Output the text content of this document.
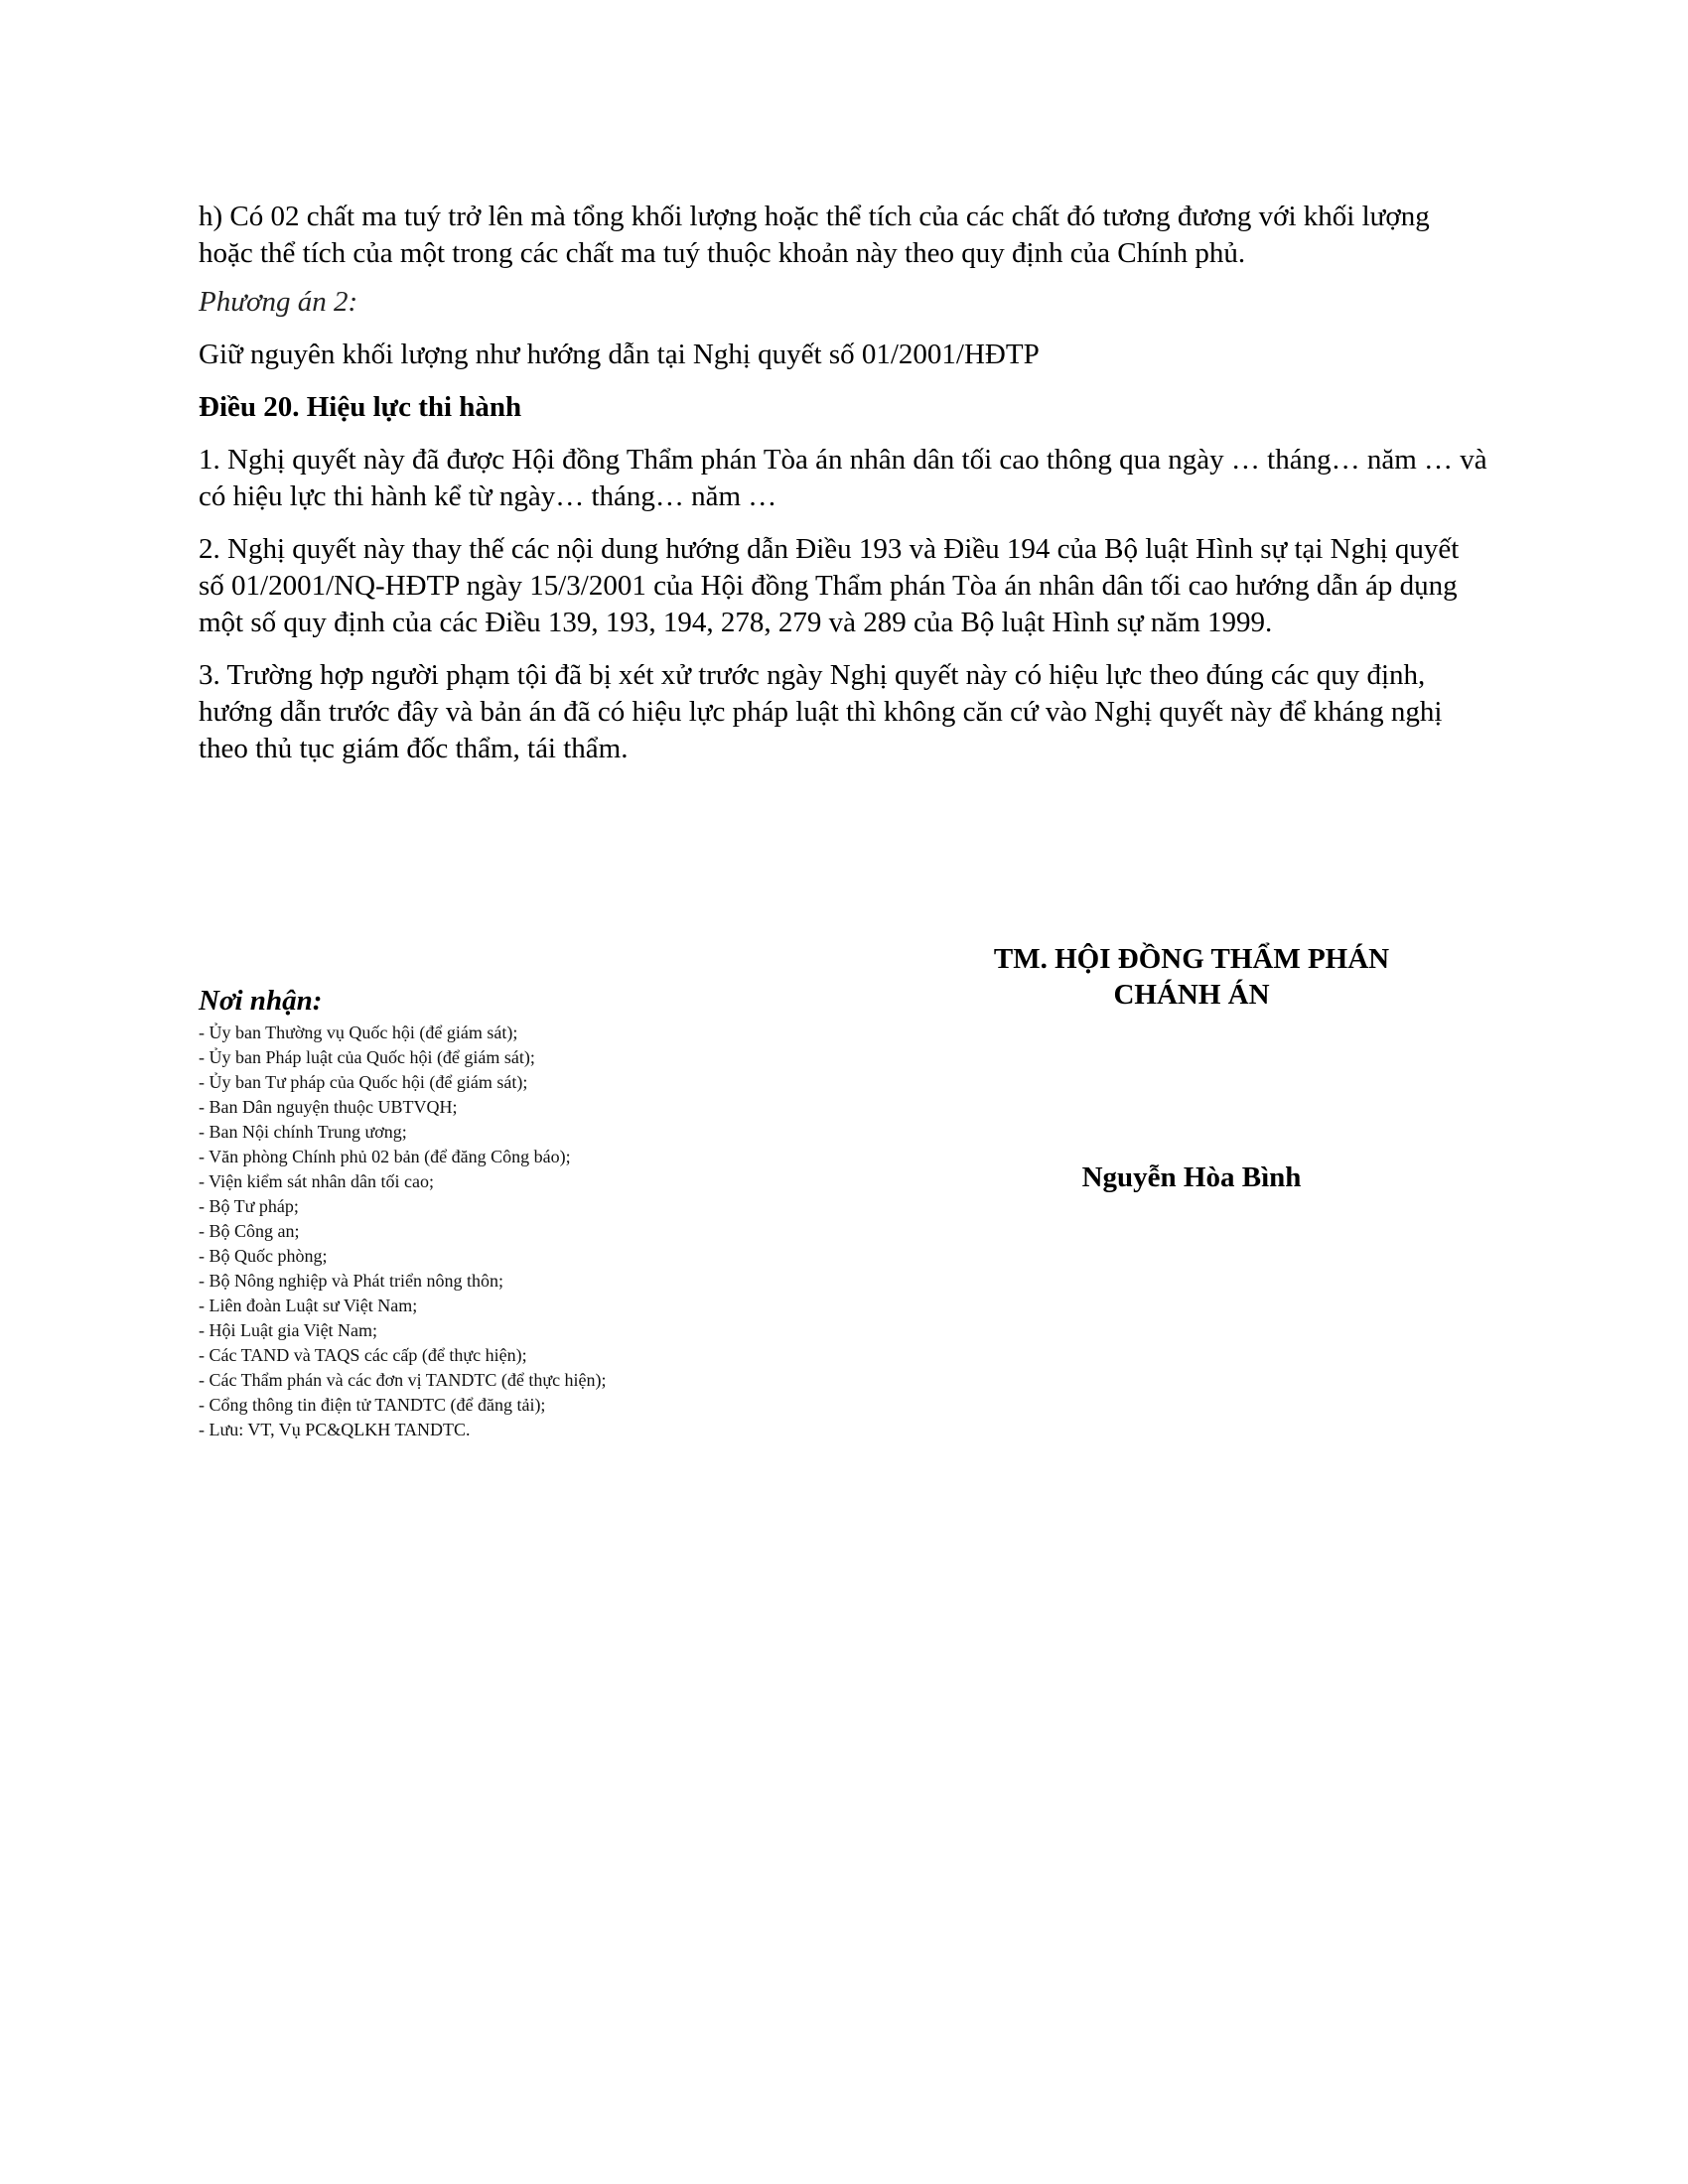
h) Có 02 chất ma tuý trở lên mà tổng khối lượng hoặc thể tích của các chất đó tương đương với khối lượng hoặc thể tích của một trong các chất ma tuý thuộc khoản này theo quy định của Chính phủ.

Phương án 2:

Giữ nguyên khối lượng như hướng dẫn tại Nghị quyết số 01/2001/HĐTP

Điều 20. Hiệu lực thi hành

1. Nghị quyết này đã được Hội đồng Thẩm phán Tòa án nhân dân tối cao thông qua ngày … tháng… năm … và có hiệu lực thi hành kể từ ngày… tháng… năm …

2. Nghị quyết này thay thế các nội dung hướng dẫn Điều 193 và Điều 194 của Bộ luật Hình sự tại Nghị quyết số 01/2001/NQ-HĐTP ngày 15/3/2001 của Hội đồng Thẩm phán Tòa án nhân dân tối cao hướng dẫn áp dụng một số quy định của các Điều 139, 193, 194, 278, 279 và 289 của Bộ luật Hình sự năm 1999.

3. Trường hợp người phạm tội đã bị xét xử trước ngày Nghị quyết này có hiệu lực theo đúng các quy định, hướng dẫn trước đây và bản án đã có hiệu lực pháp luật thì không căn cứ vào Nghị quyết này để kháng nghị theo thủ tục giám đốc thẩm, tái thẩm.

TM. HỘI ĐỒNG THẨM PHÁN
CHÁNH ÁN
Nguyễn Hòa Bình

Nơi nhận:

- Ủy ban Thường vụ Quốc hội (để giám sát);
- Ủy ban Pháp luật của Quốc hội (để giám sát);
- Ủy ban Tư pháp của Quốc hội (để giám sát);
- Ban Dân nguyện thuộc UBTVQH;
- Ban Nội chính Trung ương;
- Văn phòng Chính phủ 02 bản (để đăng Công báo);
- Viện kiểm sát nhân dân tối cao;
- Bộ Tư pháp;
- Bộ Công an;
- Bộ Quốc phòng;
- Bộ Nông nghiệp và Phát triển nông thôn;
- Liên đoàn Luật sư Việt Nam;
- Hội Luật gia Việt Nam;
- Các TAND và TAQS các cấp (để thực hiện);
- Các Thẩm phán và các đơn vị TANDTC (để thực hiện);
- Cổng thông tin điện tử TANDTC (để đăng tải);
- Lưu: VT, Vụ PC&QLKH TANDTC.
